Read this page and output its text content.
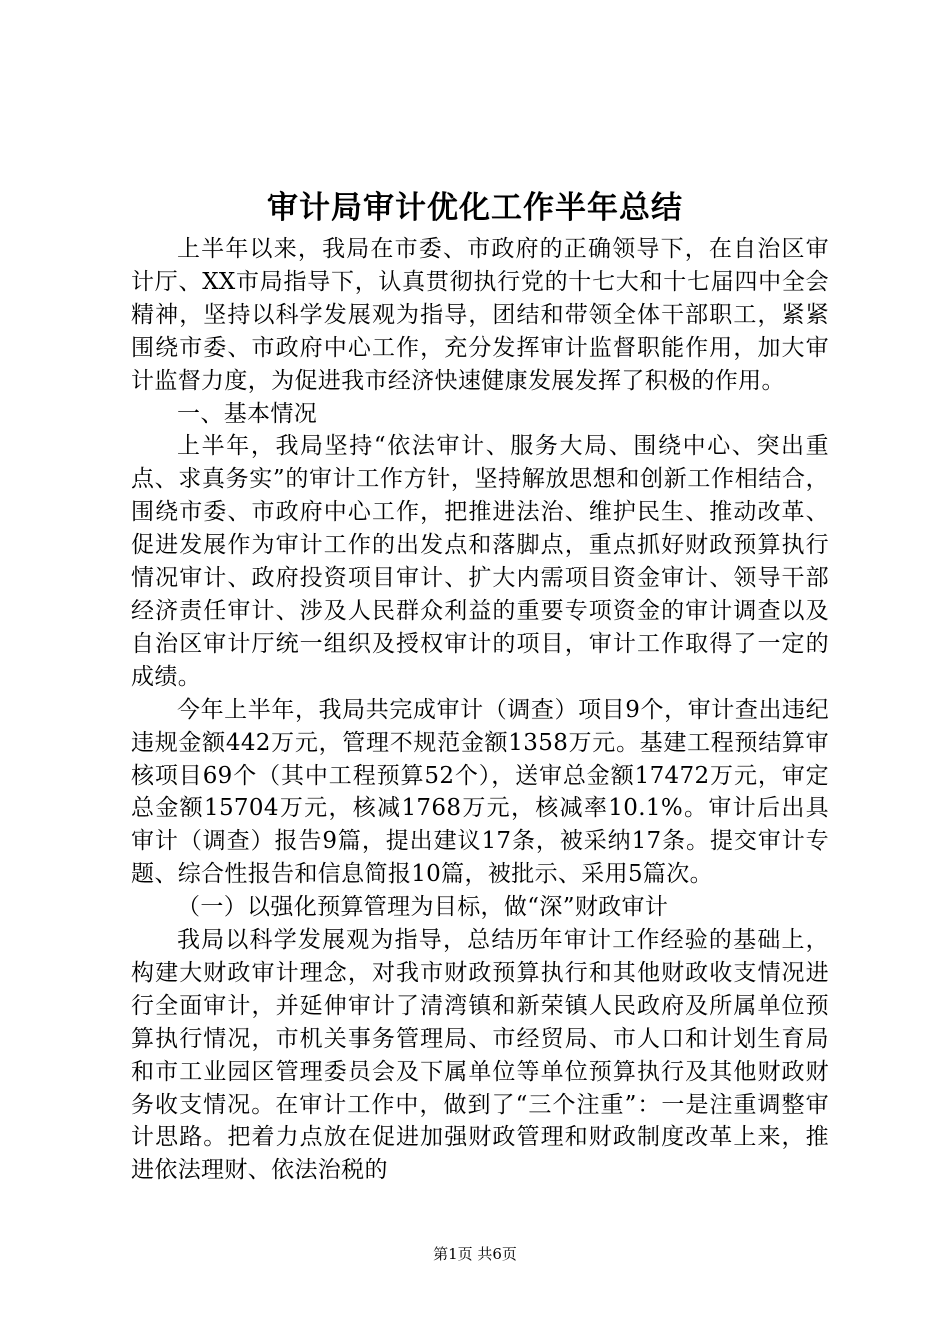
审计局审计优化工作半年总结

上半年以来，我局在市委、市政府的正确领导下，在自治区审计厅、XX市局指导下，认真贯彻执行党的十七大和十七届四中全会精神，坚持以科学发展观为指导，团结和带领全体干部职工，紧紧围绕市委、市政府中心工作，充分发挥审计监督职能作用，加大审计监督力度，为促进我市经济快速健康发展发挥了积极的作用。

一、基本情况

上半年，我局坚持“依法审计、服务大局、围绕中心、突出重点、求真务实”的审计工作方针，坚持解放思想和创新工作相结合，围绕市委、市政府中心工作，把推进法治、维护民生、推动改革、促进发展作为审计工作的出发点和落脚点，重点抓好财政预算执行情况审计、政府投资项目审计、扩大内需项目资金审计、领导干部经济责任审计、涉及人民群众利益的重要专项资金的审计调查以及自治区审计厅统一组织及授权审计的项目，审计工作取得了一定的成绩。

今年上半年，我局共完成审计（调查）项目9个，审计查出违纪违规金额442万元，管理不规范金额1358万元。基建工程预结算审核项目69个（其中工程预算52个），送审总金额17472万元，审定总金额15704万元，核减1768万元，核减率10.1%。审计后出具审计（调查）报告9篇，提出建议17条，被采纳17条。提交审计专题、综合性报告和信息简报10篇，被批示、采用5篇次。

（一）以强化预算管理为目标，做“深”财政审计

我局以科学发展观为指导，总结历年审计工作经验的基础上，构建大财政审计理念，对我市财政预算执行和其他财政收支情况进行全面审计，并延伸审计了清湾镇和新荣镇人民政府及所属单位预算执行情况，市机关事务管理局、市经贸局、市人口和计划生育局和市工业园区管理委员会及下属单位等单位预算执行及其他财政财务收支情况。在审计工作中，做到了“三个注重”：一是注重调整审计思路。把着力点放在促进加强财政管理和财政制度改革上来，推进依法理财、依法治税的

第1页 共6页
